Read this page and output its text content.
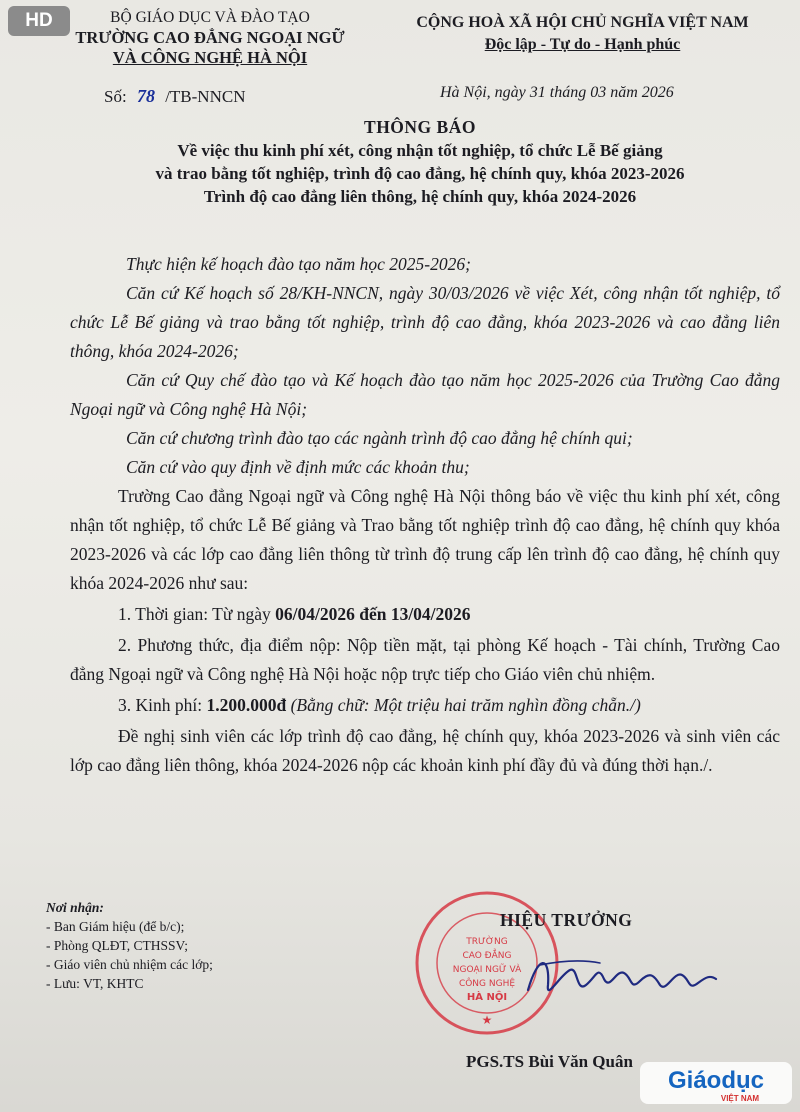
HD	BỘ GIÁO DỤC VÀ ĐÀO TẠO
TRƯỜNG CAO ĐẲNG NGOẠI NGỮ
VÀ CÔNG NGHỆ HÀ NỘI
CỘNG HOÀ XÃ HỘI CHỦ NGHĨA VIỆT NAM
Độc lập - Tự do - Hạnh phúc
Số: 78 /TB-NNCN	Hà Nội, ngày 31 tháng 03 năm 2026
THÔNG BÁO
Về việc thu kinh phí xét, công nhận tốt nghiệp, tổ chức Lễ Bế giảng
và trao bằng tốt nghiệp, trình độ cao đẳng, hệ chính quy, khóa 2023-2026
Trình độ cao đẳng liên thông, hệ chính quy, khóa 2024-2026

Thực hiện kế hoạch đào tạo năm học 2025-2026;

Căn cứ Kế hoạch số 28/KH-NNCN, ngày 30/03/2026 về việc Xét, công nhận tốt nghiệp, tổ chức Lễ Bế giảng và trao bằng tốt nghiệp, trình độ cao đẳng, khóa 2023-2026 và cao đẳng liên thông, khóa 2024-2026;

Căn cứ Quy chế đào tạo và Kế hoạch đào tạo năm học 2025-2026 của Trường Cao đẳng Ngoại ngữ và Công nghệ Hà Nội;

Căn cứ chương trình đào tạo các ngành trình độ cao đẳng hệ chính qui;

Căn cứ vào quy định về định mức các khoản thu;

Trường Cao đẳng Ngoại ngữ và Công nghệ Hà Nội thông báo về việc thu kinh phí xét, công nhận tốt nghiệp, tổ chức Lễ Bế giảng và Trao bằng tốt nghiệp trình độ cao đẳng, hệ chính quy khóa 2023-2026 và các lớp cao đẳng liên thông từ trình độ trung cấp lên trình độ cao đẳng, hệ chính quy khóa 2024-2026 như sau:

1. Thời gian: Từ ngày 06/04/2026 đến 13/04/2026

2. Phương thức, địa điểm nộp: Nộp tiền mặt, tại phòng Kế hoạch - Tài chính, Trường Cao đẳng Ngoại ngữ và Công nghệ Hà Nội hoặc nộp trực tiếp cho Giáo viên chủ nhiệm.

3. Kinh phí: 1.200.000đ (Bằng chữ: Một triệu hai trăm nghìn đồng chẵn./)

Đề nghị sinh viên các lớp trình độ cao đẳng, hệ chính quy, khóa 2023-2026 và sinh viên các lớp cao đẳng liên thông, khóa 2024-2026 nộp các khoản kinh phí đầy đủ và đúng thời hạn./.

Nơi nhận:
- Ban Giám hiệu (để b/c);
- Phòng QLĐT, CTHSSV;
- Giáo viên chủ nhiệm các lớp;
- Lưu: VT, KHTC
TRƯỜNG
CAO ĐẲNG
NGOẠI NGỮ VÀ
CÔNG NGHỆ
HÀ NỘI
★
HIỆU TRƯỞNG
PGS.TS Bùi Văn Quân
Giáodục
VIỆT NAM
